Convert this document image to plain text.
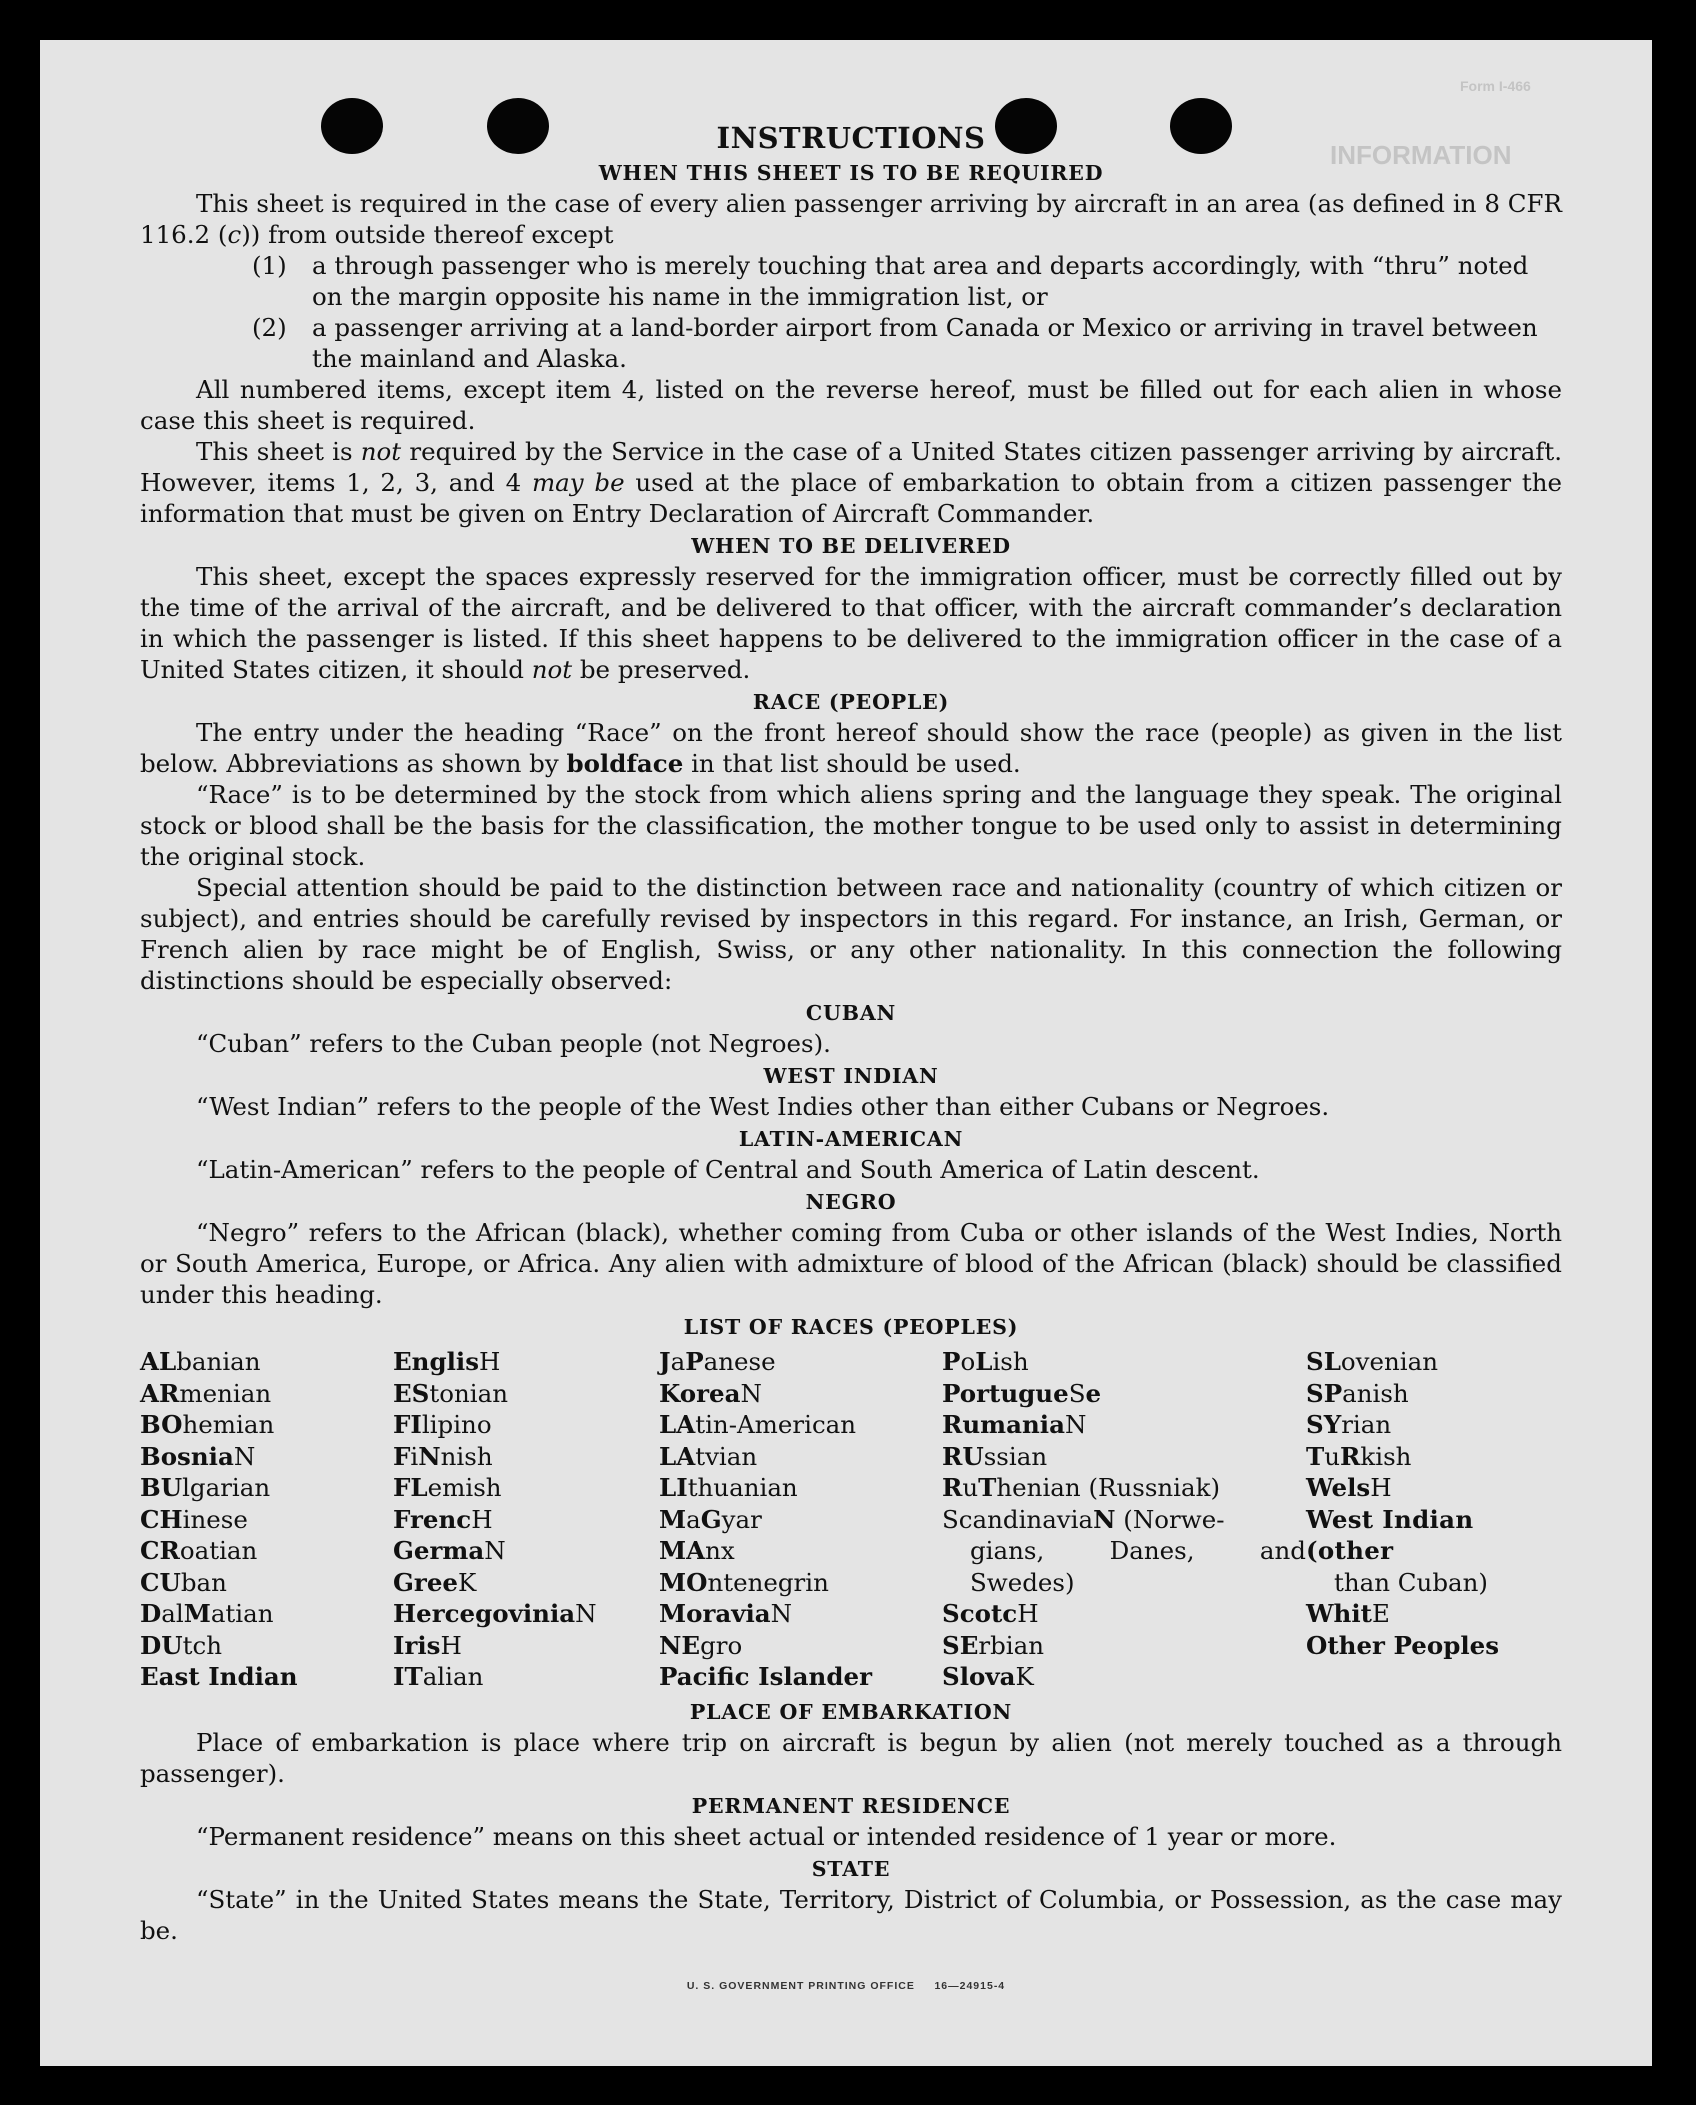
INFORMATION
Form I-466
INSTRUCTIONS
WHEN THIS SHEET IS TO BE REQUIRED
This sheet is required in the case of every alien passenger arriving by aircraft in an area (as defined in 8 CFR 116.2 (c)) from outside thereof except
(1) a through passenger who is merely touching that area and departs accordingly, with “thru” noted on the margin opposite his name in the immigration list, or
(2) a passenger arriving at a land-border airport from Canada or Mexico or arriving in travel between the mainland and Alaska.
All numbered items, except item 4, listed on the reverse hereof, must be filled out for each alien in whose case this sheet is required.
This sheet is not required by the Service in the case of a United States citizen passenger arriving by aircraft. However, items 1, 2, 3, and 4 may be used at the place of embarkation to obtain from a citizen passenger the information that must be given on Entry Declaration of Aircraft Commander.
WHEN TO BE DELIVERED
This sheet, except the spaces expressly reserved for the immigration officer, must be correctly filled out by the time of the arrival of the aircraft, and be delivered to that officer, with the aircraft commander’s declaration in which the passenger is listed. If this sheet happens to be delivered to the immigration officer in the case of a United States citizen, it should not be preserved.
RACE (PEOPLE)
The entry under the heading “Race” on the front hereof should show the race (people) as given in the list below. Abbreviations as shown by boldface in that list should be used.
“Race” is to be determined by the stock from which aliens spring and the language they speak. The original stock or blood shall be the basis for the classification, the mother tongue to be used only to assist in determining the original stock.
Special attention should be paid to the distinction between race and nationality (country of which citizen or subject), and entries should be carefully revised by inspectors in this regard. For instance, an Irish, German, or French alien by race might be of English, Swiss, or any other nationality. In this connection the following distinctions should be especially observed:
CUBAN
“Cuban” refers to the Cuban people (not Negroes).
WEST INDIAN
“West Indian” refers to the people of the West Indies other than either Cubans or Negroes.
LATIN-AMERICAN
“Latin-American” refers to the people of Central and South America of Latin descent.
NEGRO
“Negro” refers to the African (black), whether coming from Cuba or other islands of the West Indies, North or South America, Europe, or Africa. Any alien with admixture of blood of the African (black) should be classified under this heading.
LIST OF RACES (PEOPLES)
ALbanian
ARmenian
BOhemian
BosniaN
BUlgarian
CHinese
CRoatian
CUban
DalMatian
DUtch
East Indian
EnglisH
EStonian
FIlipino
FiNnish
FLemish
FrencH
GermaN
GreeK
HercegoviniaN
IrisH
ITalian
JaPanese
KoreaN
LAtin-American
LAtvian
LIthuanian
MaGyar
MAnx
MOntenegrin
MoraviaN
NEgro
Pacific Islander
PoLish
PortugueSe
RumaniaN
RUssian
RuThenian (Russniak)
ScandinaviaN (Norwe-
gians,	Danes,	and
Swedes)
ScotcH
SErbian
SlovaK
SLovenian
SPanish
SYrian
TuRkish
WelsH
West Indian (other
than Cuban)
WhitE
Other Peoples
PLACE OF EMBARKATION
Place of embarkation is place where trip on aircraft is begun by alien (not merely touched as a through passenger).
PERMANENT RESIDENCE
“Permanent residence” means on this sheet actual or intended residence of 1 year or more.
STATE
“State” in the United States means the State, Territory, District of Columbia, or Possession, as the case may be.
U. S. GOVERNMENT PRINTING OFFICE     16—24915-4
